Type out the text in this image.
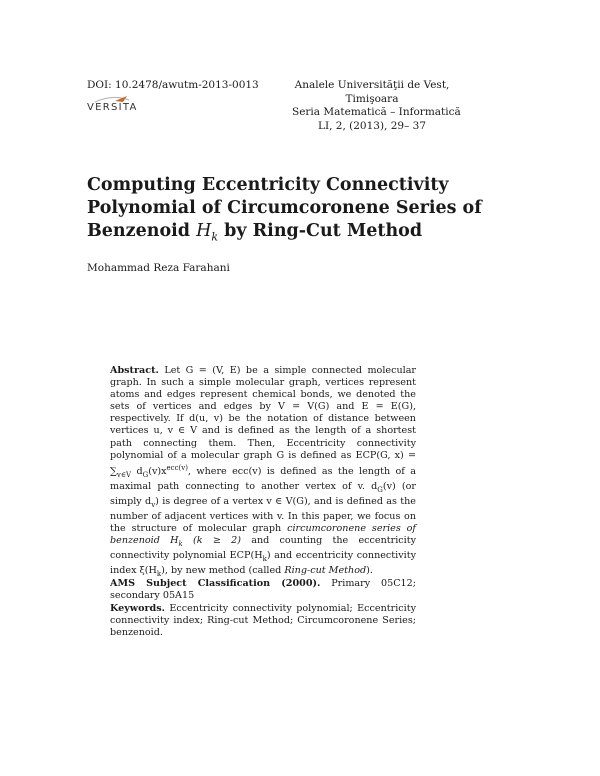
DOI: 10.2478/awutm-2013-0013
VERSITA
Analele Universităţii de Vest,
Timişoara
Seria Matematică – Informatică
LI, 2, (2013), 29– 37
Computing Eccentricity Connectivity
Polynomial of Circumcoronene Series of
Benzenoid $H_k$ by Ring-Cut Method
Mohammad Reza Farahani
Abstract. Let G = (V, E) be a simple connected molecular graph. In such a simple molecular graph, vertices represent atoms and edges represent chemical bonds, we denoted the sets of vertices and edges by V = V(G) and E = E(G), respectively. If d(u, v) be the notation of distance between vertices u, v ∈ V and is defined as the length of a shortest path connecting them. Then, Eccentricity connectivity polynomial of a molecular graph G is defined as ECP(G, $x) = \sum_{v\in V}$ $d_G(v)x^{ecc(v)}$, where ecc(v) is defined as the length of a maximal path connecting to another vertex of v. $d_G(v)$ (or simply $d_v$) is degree of a vertex v ∈ V(G), and is defined as the number of adjacent vertices with v. In this paper, we focus on the structure of molecular graph circumcoronene series of benzenoid $H_k$ (k ≥ 2) and counting the eccentricity connectivity polynomial $ECP(H_k)$ and eccentricity connectivity index $\xi(H_k)$, by new method (called Ring-cut Method).
AMS Subject Classification (2000). Primary 05C12; secondary 05A15
Keywords. Eccentricity connectivity polynomial; Eccentricity connectivity index; Ring-cut Method; Circumcoronene Series; benzenoid.
